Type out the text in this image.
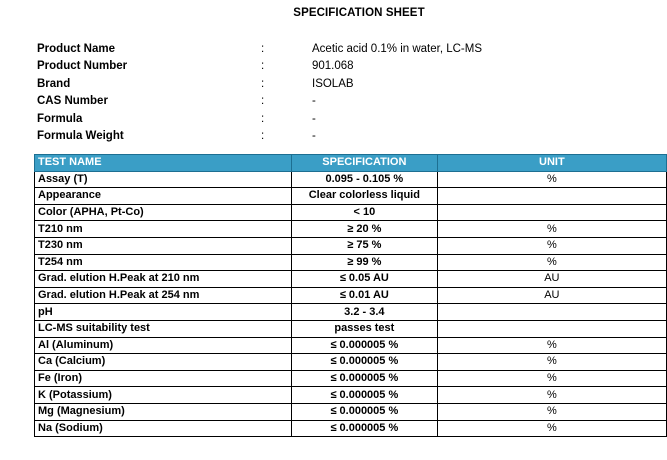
SPECIFICATION SHEET
Product Name	:	Acetic acid 0.1% in water, LC-MS
Product Number	:	901.068
Brand	:	ISOLAB
CAS Number	:	-
Formula	:	-
Formula Weight	:	-
TEST NAME	SPECIFICATION	UNIT
Assay (T)	0.095 - 0.105 %	%
Appearance	Clear colorless liquid	
Color (APHA, Pt-Co)	< 10	
T210 nm	≥ 20 %	%
T230 nm	≥ 75 %	%
T254 nm	≥ 99 %	%
Grad. elution H.Peak at 210 nm	≤ 0.05 AU	AU
Grad. elution H.Peak at 254 nm	≤ 0.01 AU	AU
pH	3.2 - 3.4	
LC-MS suitability test	passes test	
Al (Aluminum)	≤ 0.000005 %	%
Ca (Calcium)	≤ 0.000005 %	%
Fe (Iron)	≤ 0.000005 %	%
K (Potassium)	≤ 0.000005 %	%
Mg (Magnesium)	≤ 0.000005 %	%
Na (Sodium)	≤ 0.000005 %	%
